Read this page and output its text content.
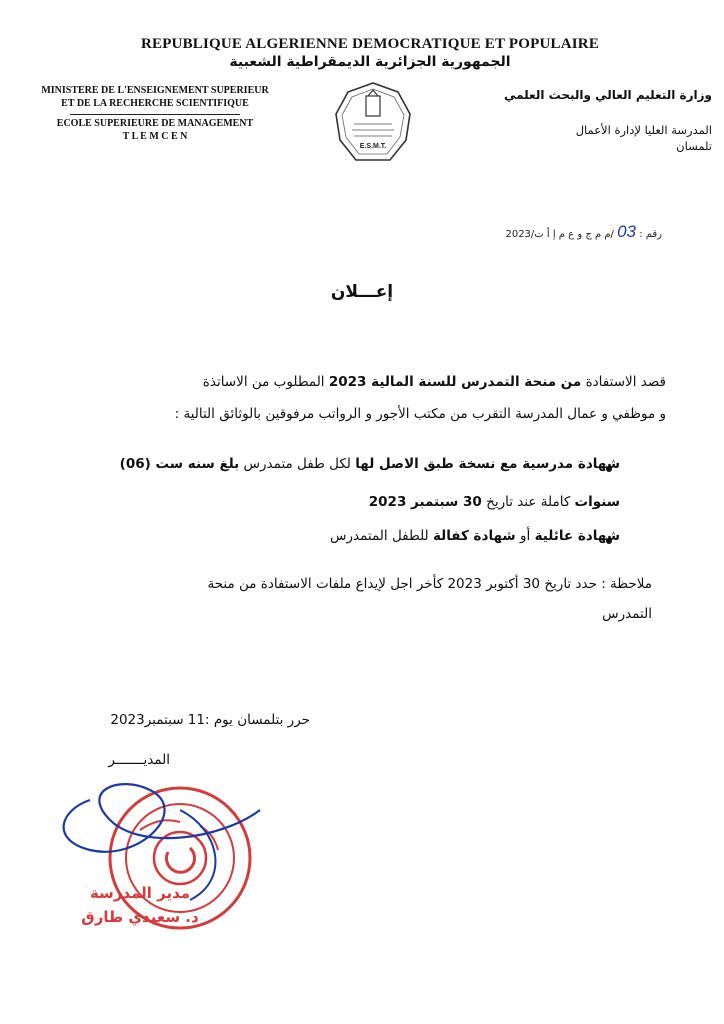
REPUBLIQUE ALGERIENNE DEMOCRATIQUE ET POPULAIRE
الجمهورية الجزائرية الديمقراطية الشعبية
MINISTERE DE L'ENSEIGNEMENT SUPERIEUR
ET DE LA RECHERCHE SCIENTIFIQUE
ECOLE SUPERIEURE DE MANAGEMENT
T L E M C E N
E.S.M.T.
وزارة التعليم العالي والبحث العلمي
المدرسة العليا لإدارة الأعمال
تلمسان
رقم : 03 /م م ج و ع م إ أ ت/2023
إعـــلان
قصد الاستفادة من منحة التمدرس للسنة المالية 2023 المطلوب من الاساتذة
و موظفي و عمال المدرسة التقرب من مكتب الأجور و الرواتب مرفوقين بالوثائق التالية :
شهادة مدرسية مع نسخة طبق الاصل لها لكل طفل متمدرس بلغ سنه ست (06)
سنوات كاملة عند تاريخ 30 سبتمبر 2023
شهادة عائلية أو شهادة كفالة للطفل المتمدرس
ملاحظة : حدد تاريخ 30 أكتوبر 2023 كأخر اجل لإيداع ملفات الاستفادة من منحة
التمدرس
حرر بتلمسان يوم :11 سبتمبر2023
المديـــــــر
مدير المدرسة
د. سعيدي طارق
